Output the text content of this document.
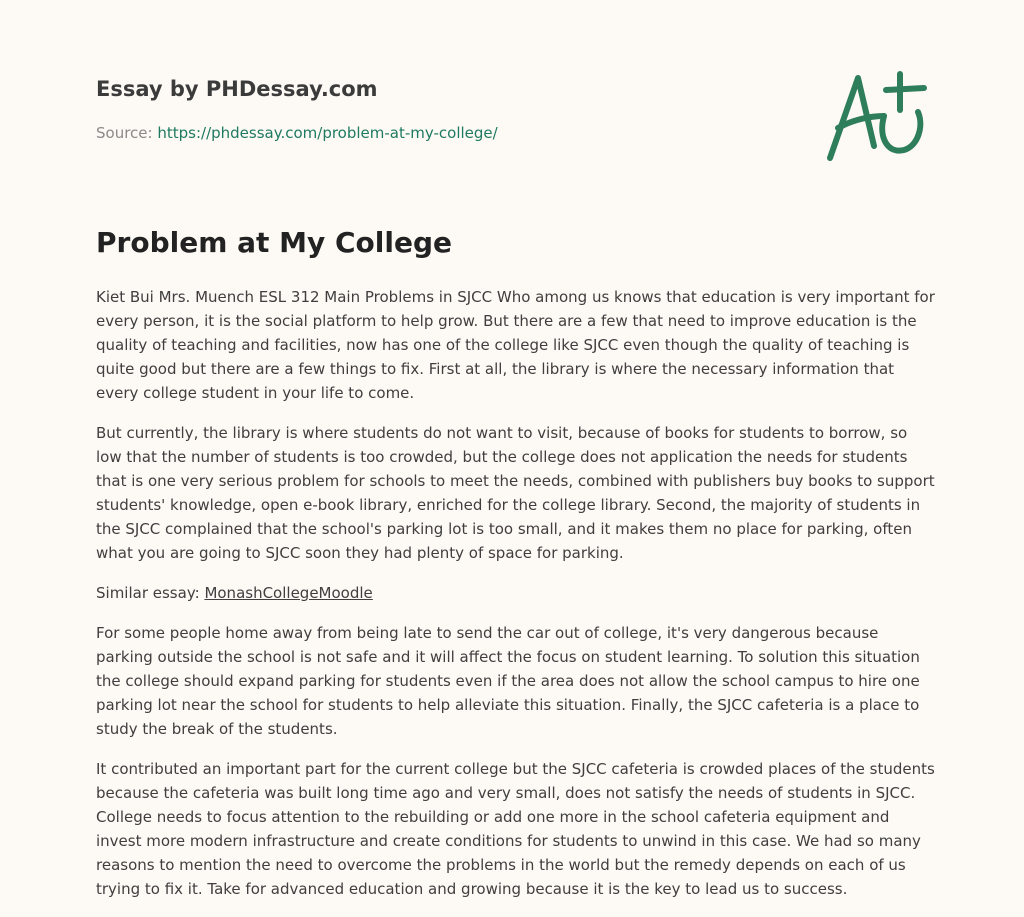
Essay by PHDessay.com
Source: https://phdessay.com/problem-at-my-college/
Problem at My College

Kiet Bui Mrs. Muench ESL 312 Main Problems in SJCC Who among us knows that education is very important for every person, it is the social platform to help grow. But there are a few that need to improve education is the quality of teaching and facilities, now has one of the college like SJCC even though the quality of teaching is quite good but there are a few things to fix. First at all, the library is where the necessary information that every college student in your life to come.

But currently, the library is where students do not want to visit, because of books for students to borrow, so low that the number of students is too crowded, but the college does not application the needs for students that is one very serious problem for schools to meet the needs, combined with publishers buy books to support students' knowledge, open e-book library, enriched for the college library. Second, the majority of students in the SJCC complained that the school's parking lot is too small, and it makes them no place for parking, often what you are going to SJCC soon they had plenty of space for parking.

Similar essay: MonashCollegeMoodle

For some people home away from being late to send the car out of college, it's very dangerous because parking outside the school is not safe and it will affect the focus on student learning. To solution this situation the college should expand parking for students even if the area does not allow the school campus to hire one parking lot near the school for students to help alleviate this situation. Finally, the SJCC cafeteria is a place to study the break of the students.

It contributed an important part for the current college but the SJCC cafeteria is crowded places of the students because the cafeteria was built long time ago and very small, does not satisfy the needs of students in SJCC. College needs to focus attention to the rebuilding or add one more in the school cafeteria equipment and invest more modern infrastructure and create conditions for students to unwind in this case. We had so many reasons to mention the need to overcome the problems in the world but the remedy depends on each of us trying to fix it. Take for advanced education and growing because it is the key to lead us to success.
